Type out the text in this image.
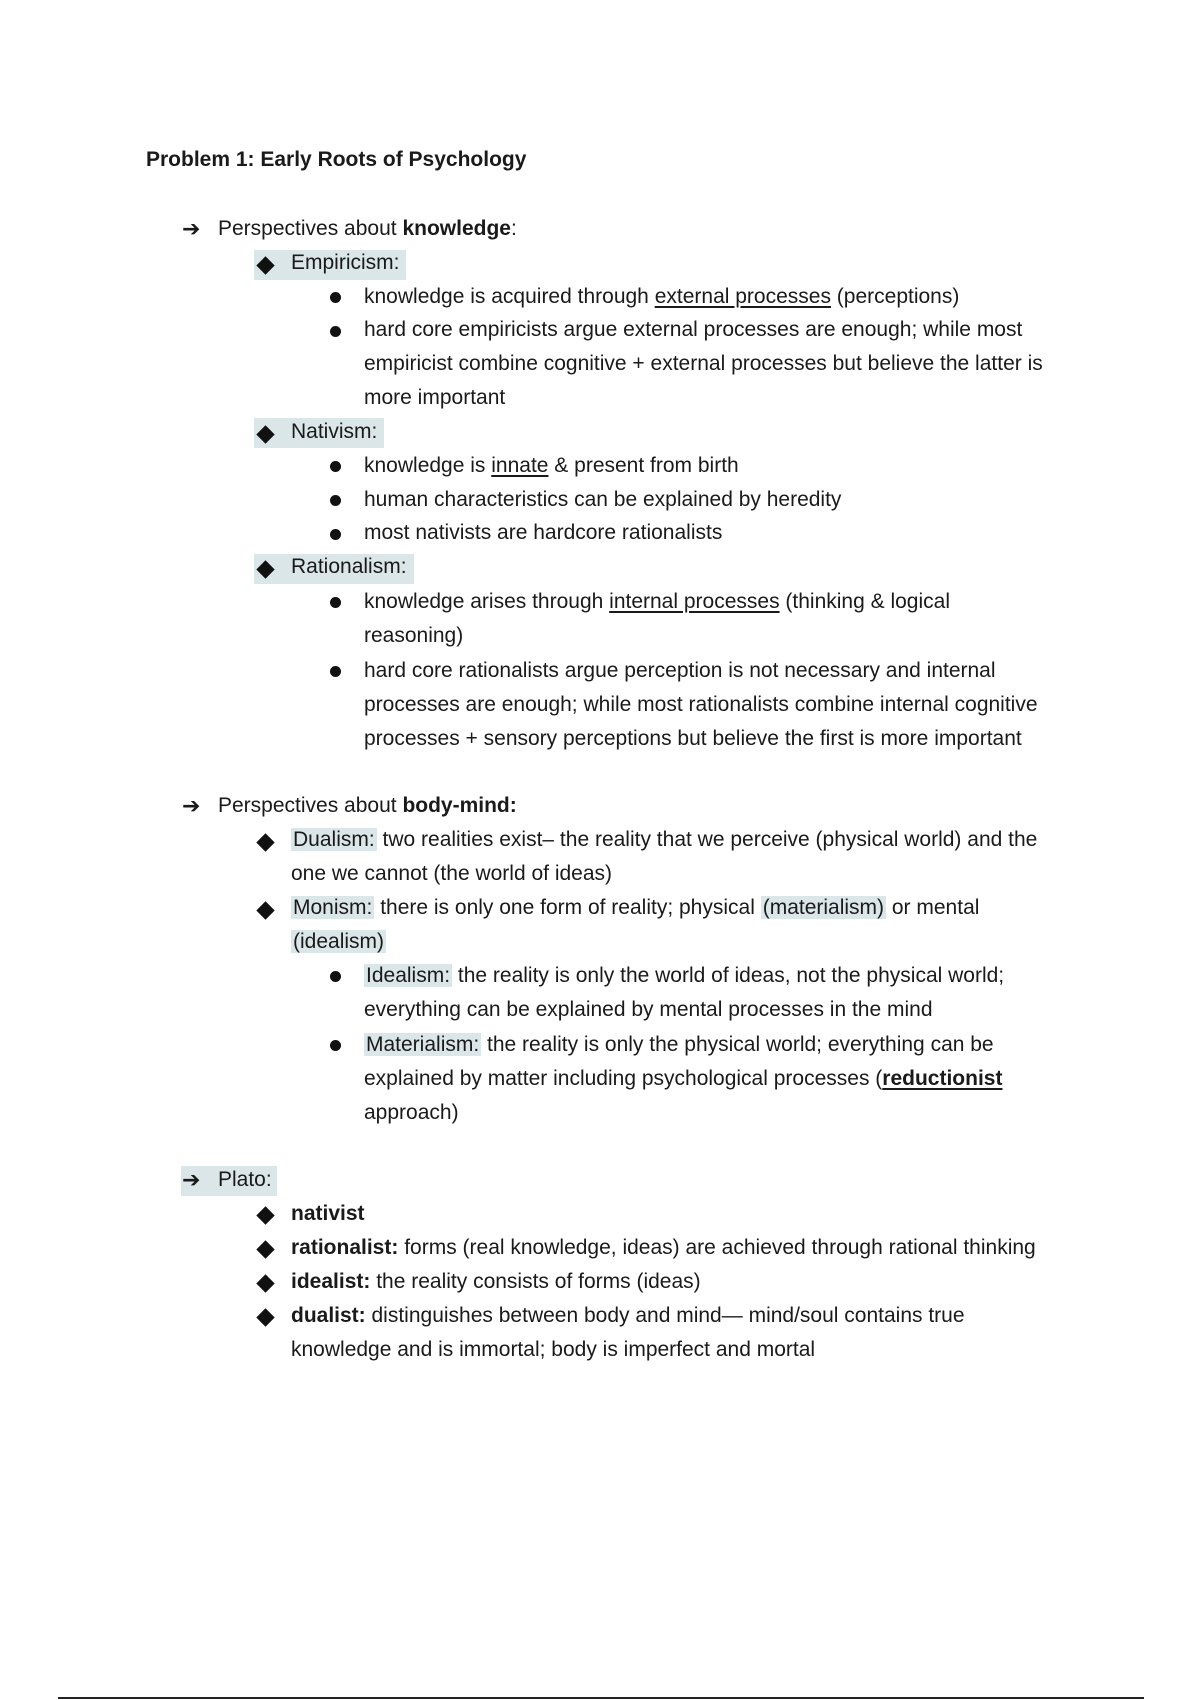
Problem 1: Early Roots of Psychology
➔ Perspectives about knowledge:
Empiricism:
knowledge is acquired through external processes (perceptions)
hard core empiricists argue external processes are enough; while most
empiricist combine cognitive + external processes but believe the latter is
more important
Nativism:
knowledge is innate & present from birth
human characteristics can be explained by heredity
most nativists are hardcore rationalists
Rationalism:
knowledge arises through internal processes (thinking & logical
reasoning)
hard core rationalists argue perception is not necessary and internal
processes are enough; while most rationalists combine internal cognitive
processes + sensory perceptions but believe the first is more important
➔ Perspectives about body-mind:
Dualism: two realities exist– the reality that we perceive (physical world) and the
one we cannot (the world of ideas)
Monism: there is only one form of reality; physical (materialism) or mental
(idealism)
Idealism: the reality is only the world of ideas, not the physical world;
everything can be explained by mental processes in the mind
Materialism: the reality is only the physical world; everything can be
explained by matter including psychological processes (reductionist
approach)
➔ Plato:
nativist
rationalist: forms (real knowledge, ideas) are achieved through rational thinking
idealist: the reality consists of forms (ideas)
dualist: distinguishes between body and mind— mind/soul contains true
knowledge and is immortal; body is imperfect and mortal
